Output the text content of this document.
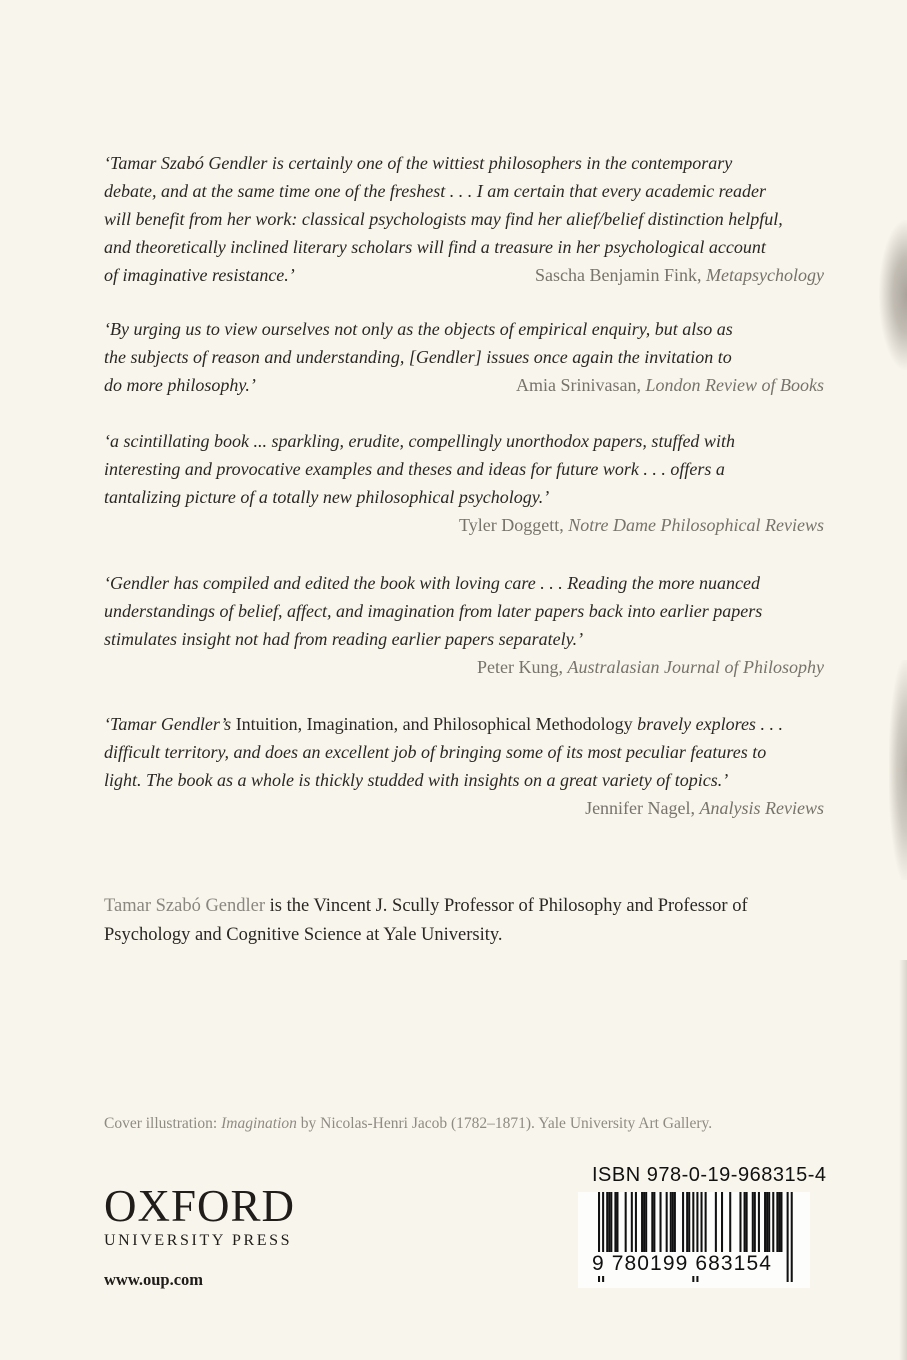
‘Tamar Szabó Gendler is certainly one of the wittiest philosophers in the contemporary
debate, and at the same time one of the freshest . . . I am certain that every academic reader
will benefit from her work: classical psychologists may find her alief/belief distinction helpful,
and theoretically inclined literary scholars will find a treasure in her psychological account
of imaginative resistance.’	Sascha Benjamin Fink, Metapsychology

‘By urging us to view ourselves not only as the objects of empirical enquiry, but also as
the subjects of reason and understanding, [Gendler] issues once again the invitation to
do more philosophy.’	Amia Srinivasan, London Review of Books

‘a scintillating book ... sparkling, erudite, compellingly unorthodox papers, stuffed with
interesting and provocative examples and theses and ideas for future work . . . offers a
tantalizing picture of a totally new philosophical psychology.’

Tyler Doggett, Notre Dame Philosophical Reviews

‘Gendler has compiled and edited the book with loving care . . . Reading the more nuanced
understandings of belief, affect, and imagination from later papers back into earlier papers
stimulates insight not had from reading earlier papers separately.’

Peter Kung, Australasian Journal of Philosophy

‘Tamar Gendler’s Intuition, Imagination, and Philosophical Methodology bravely explores . . .
difficult territory, and does an excellent job of bringing some of its most peculiar features to
light. The book as a whole is thickly studded with insights on a great variety of topics.’

Jennifer Nagel, Analysis Reviews

Tamar Szabó Gendler is the Vincent J. Scully Professor of Philosophy and Professor of
Psychology and Cognitive Science at Yale University.

Cover illustration: Imagination by Nicolas-Henri Jacob (1782–1871). Yale University Art Gallery.

OXFORD
UNIVERSITY PRESS
www.oup.com
ISBN 978-0-19-968315-4
9 780199 683154
